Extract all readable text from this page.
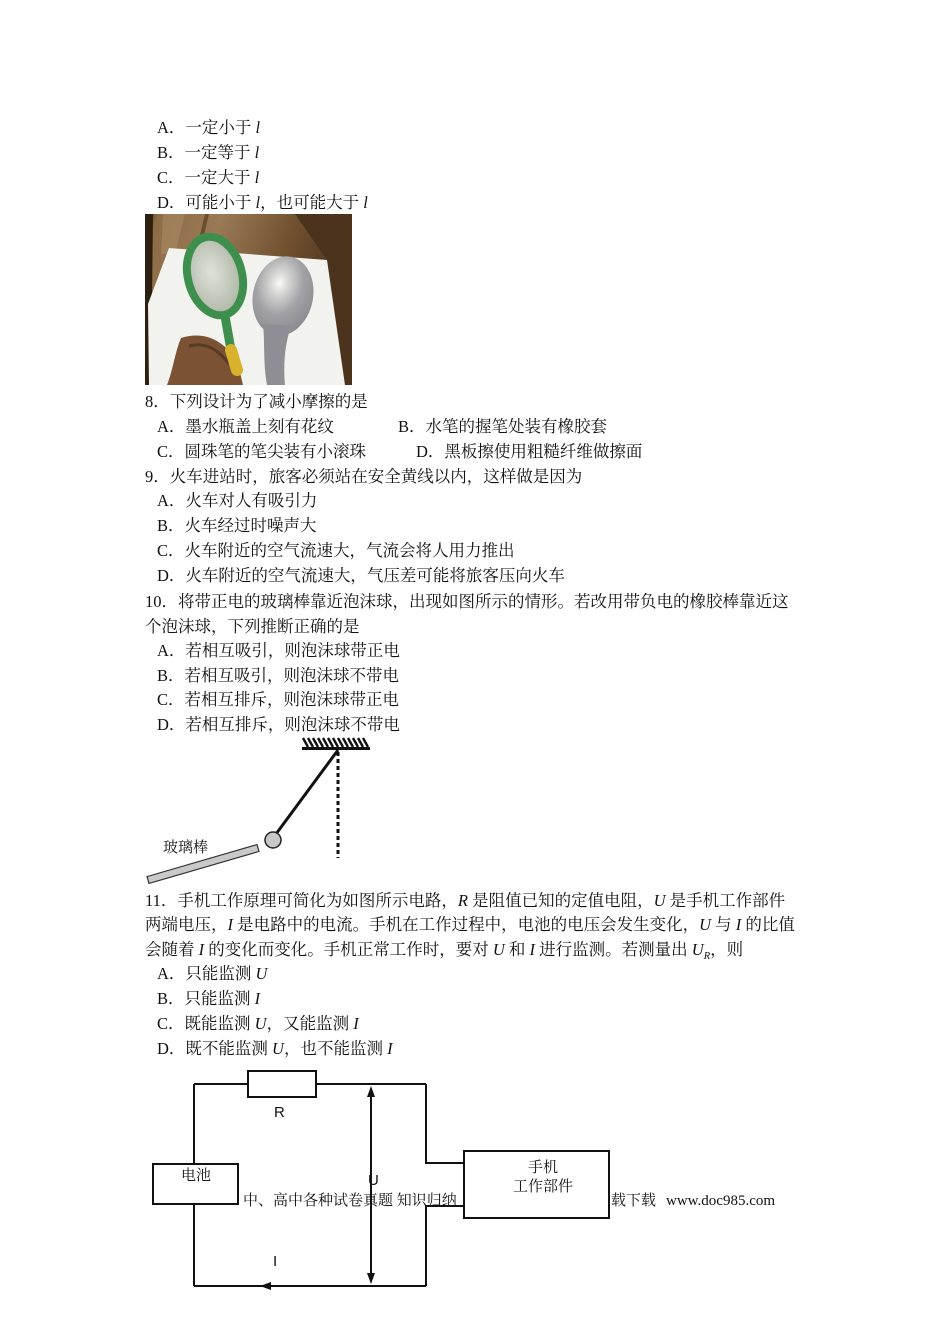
A．一定小于 l
B．一定等于 l
C．一定大于 l
D．可能小于 l，也可能大于 l
8．下列设计为了减小摩擦的是
A．墨水瓶盖上刻有花纹	B．水笔的握笔处装有橡胶套
C．圆珠笔的笔尖装有小滚珠	D．黑板擦使用粗糙纤维做擦面
9．火车进站时，旅客必须站在安全黄线以内，这样做是因为
A．火车对人有吸引力
B．火车经过时噪声大
C．火车附近的空气流速大，气流会将人用力推出
D．火车附近的空气流速大，气压差可能将旅客压向火车
10．将带正电的玻璃棒靠近泡沫球，出现如图所示的情形。若改用带负电的橡胶棒靠近这
个泡沫球，下列推断正确的是
A．若相互吸引，则泡沫球带正电
B．若相互吸引，则泡沫球不带电
C．若相互排斥，则泡沫球带正电
D．若相互排斥，则泡沫球不带电
玻璃棒
11．手机工作原理可简化为如图所示电路，R 是阻值已知的定值电阻，U 是手机工作部件
两端电压，I 是电路中的电流。手机在工作过程中，电池的电压会发生变化，U 与 I 的比值
会随着 I 的变化而变化。手机正常工作时，要对 U 和 I 进行监测。若测量出 $U_R$，则
A．只能监测 U
B．只能监测 I
C．既能监测 U，又能监测 I
D．既不能监测 U，也不能监测 I
R
电池	U
手机
工作部件
I
中、高中各种试卷真题 知识归纳	载下载 www.doc985.com
